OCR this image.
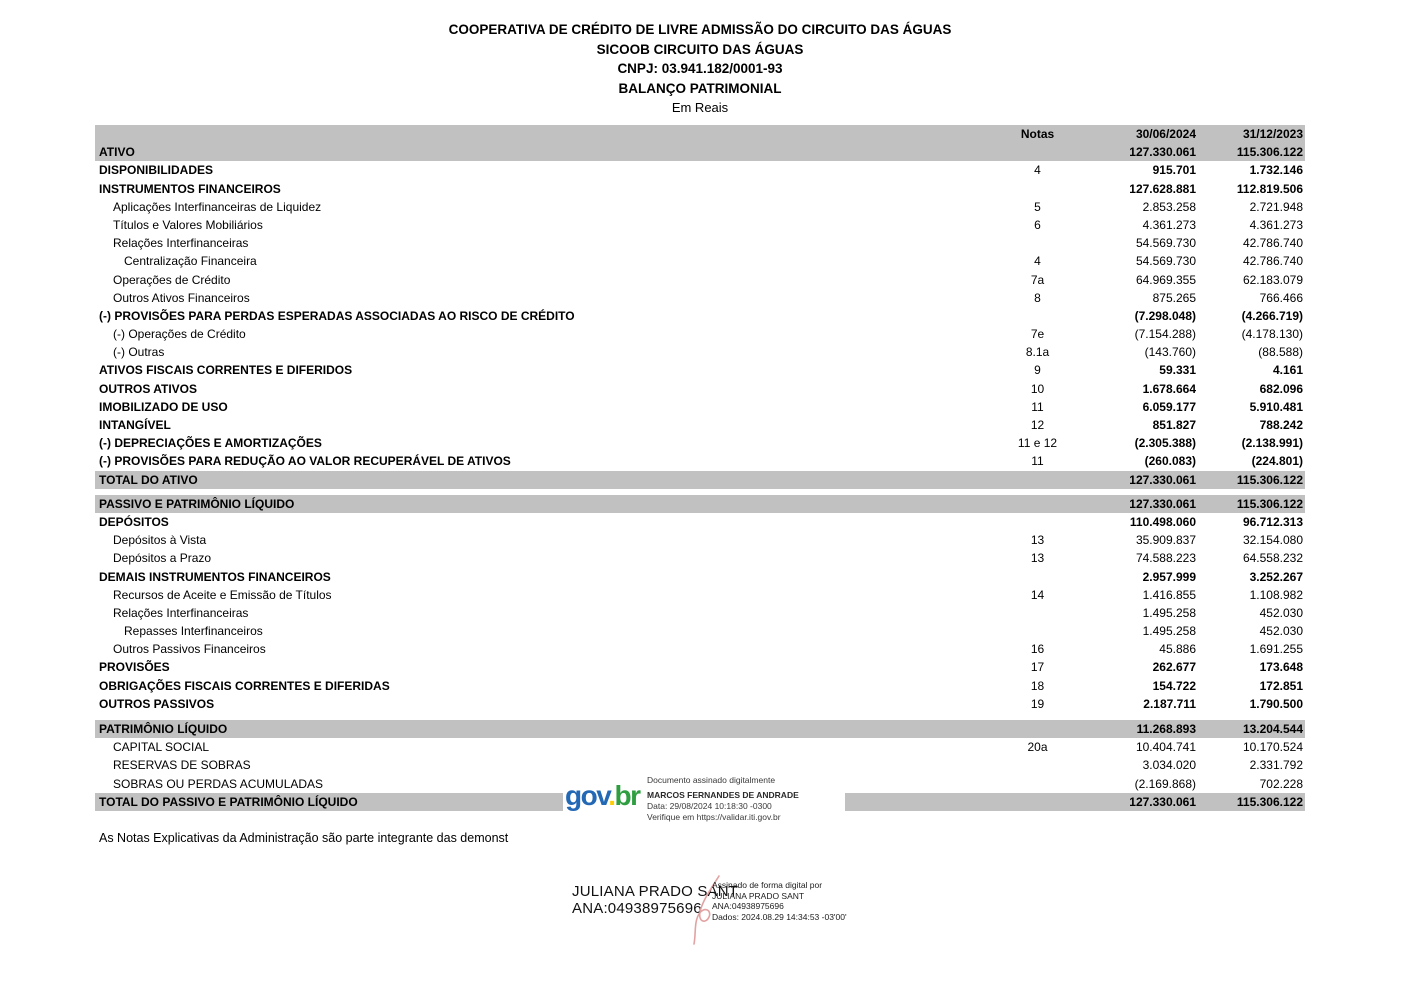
COOPERATIVA DE CRÉDITO DE LIVRE ADMISSÃO DO CIRCUITO DAS ÁGUAS
SICOOB CIRCUITO DAS ÁGUAS
CNPJ: 03.941.182/0001-93
BALANÇO PATRIMONIAL
Em Reais
Notas	30/06/2024	31/12/2023
ATIVO	127.330.061	115.306.122
DISPONIBILIDADES	4	915.701	1.732.146
INSTRUMENTOS FINANCEIROS	127.628.881	112.819.506
Aplicações Interfinanceiras de Liquidez	5	2.853.258	2.721.948
Títulos e Valores Mobiliários	6	4.361.273	4.361.273
Relações Interfinanceiras	54.569.730	42.786.740
Centralização Financeira	4	54.569.730	42.786.740
Operações de Crédito	7a	64.969.355	62.183.079
Outros Ativos Financeiros	8	875.265	766.466
(-) PROVISÕES PARA PERDAS ESPERADAS ASSOCIADAS AO RISCO DE CRÉDITO	(7.298.048)	(4.266.719)
(-) Operações de Crédito	7e	(7.154.288)	(4.178.130)
(-) Outras	8.1a	(143.760)	(88.588)
ATIVOS FISCAIS CORRENTES E DIFERIDOS	9	59.331	4.161
OUTROS ATIVOS	10	1.678.664	682.096
IMOBILIZADO DE USO	11	6.059.177	5.910.481
INTANGÍVEL	12	851.827	788.242
(-) DEPRECIAÇÕES E AMORTIZAÇÕES	11 e 12	(2.305.388)	(2.138.991)
(-) PROVISÕES PARA REDUÇÃO AO VALOR RECUPERÁVEL DE ATIVOS	11	(260.083)	(224.801)
TOTAL DO ATIVO	127.330.061	115.306.122
PASSIVO E PATRIMÔNIO LÍQUIDO	127.330.061	115.306.122
DEPÓSITOS	110.498.060	96.712.313
Depósitos à Vista	13	35.909.837	32.154.080
Depósitos a Prazo	13	74.588.223	64.558.232
DEMAIS INSTRUMENTOS FINANCEIROS	2.957.999	3.252.267
Recursos de Aceite e Emissão de Títulos	14	1.416.855	1.108.982
Relações Interfinanceiras	1.495.258	452.030
Repasses Interfinanceiros	1.495.258	452.030
Outros Passivos Financeiros	16	45.886	1.691.255
PROVISÕES	17	262.677	173.648
OBRIGAÇÕES FISCAIS CORRENTES E DIFERIDAS	18	154.722	172.851
OUTROS PASSIVOS	19	2.187.711	1.790.500
PATRIMÔNIO LÍQUIDO	11.268.893	13.204.544
CAPITAL SOCIAL	20a	10.404.741	10.170.524
RESERVAS DE SOBRAS	3.034.020	2.331.792
SOBRAS OU PERDAS ACUMULADAS	(2.169.868)	702.228
TOTAL DO PASSIVO E PATRIMÔNIO LÍQUIDO	127.330.061	115.306.122
As Notas Explicativas da Administração são parte integrante das demonst
Documento assinado digitalmente
gov.br MARCOS FERNANDES DE ANDRADE
Data: 29/08/2024 10:18:30 -0300
Verifique em https://validar.iti.gov.br
JULIANA PRADO SANT
ANA:04938975696
Assinado de forma digital por
JULIANA PRADO SANT
ANA:04938975696
Dados: 2024.08.29 14:34:53 -03'00'
